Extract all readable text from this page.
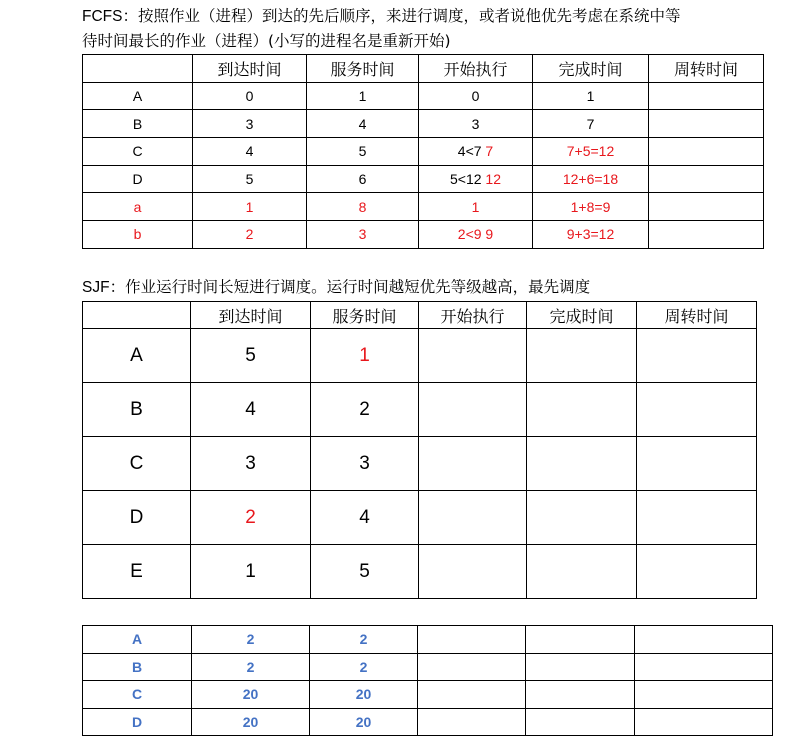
FCFS：按照作业（进程）到达的先后顺序，来进行调度，或者说他优先考虑在系统中等
待时间最长的作业（进程）(小写的进程名是重新开始)
	到达时间	服务时间	开始执行	完成时间	周转时间
A	0	1	0	1	
B	3	4	3	7	
C	4	5	4<7 7	7+5=12	
D	5	6	5<12 12	12+6=18	
a	1	8	1	1+8=9	
b	2	3	2<9 9	9+3=12	
SJF：作业运行时间长短进行调度。运行时间越短优先等级越高，最先调度
	到达时间	服务时间	开始执行	完成时间	周转时间
A	5	1			
B	4	2			
C	3	3			
D	2	4			
E	1	5			
A	2	2			
B	2	2			
C	20	20			
D	20	20			
